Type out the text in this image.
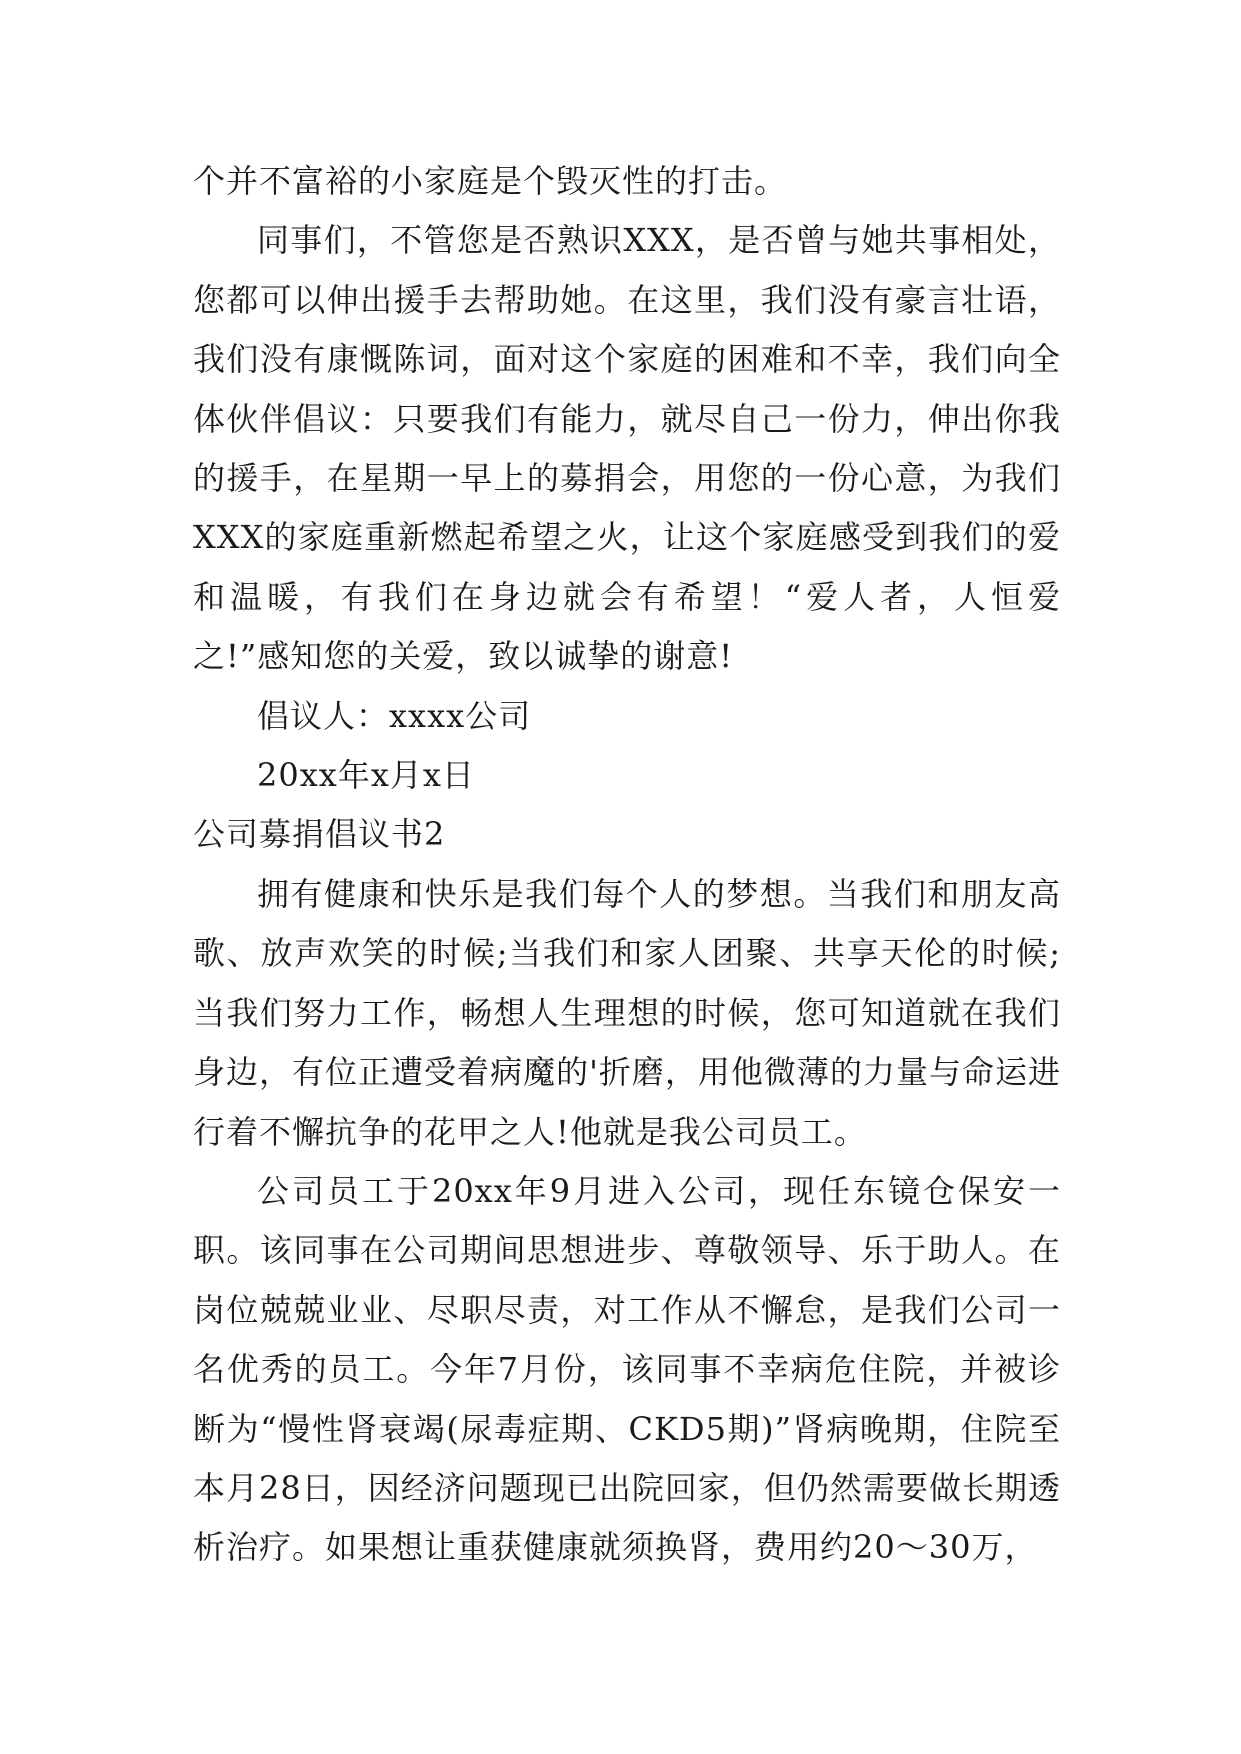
个并不富裕的小家庭是个毁灭性的打击。

同事们，不管您是否熟识XXX，是否曾与她共事相处，您都可以伸出援手去帮助她。在这里，我们没有豪言壮语，我们没有康慨陈词，面对这个家庭的困难和不幸，我们向全体伙伴倡议：只要我们有能力，就尽自己一份力，伸出你我的援手，在星期一早上的募捐会，用您的一份心意，为我们XXX的家庭重新燃起希望之火，让这个家庭感受到我们的爱和温暖，有我们在身边就会有希望！“爱人者，人恒爱之!”感知您的关爱，致以诚挚的谢意!

倡议人：xxxx公司

20xx年x月x日

公司募捐倡议书2

拥有健康和快乐是我们每个人的梦想。当我们和朋友高歌、放声欢笑的时候;当我们和家人团聚、共享天伦的时候;当我们努力工作，畅想人生理想的时候，您可知道就在我们身边，有位正遭受着病魔的'折磨，用他微薄的力量与命运进行着不懈抗争的花甲之人!他就是我公司员工。

公司员工于20xx年9月进入公司，现任东镜仓保安一职。该同事在公司期间思想进步、尊敬领导、乐于助人。在岗位兢兢业业、尽职尽责，对工作从不懈怠，是我们公司一名优秀的员工。今年7月份，该同事不幸病危住院，并被诊断为“慢性肾衰竭(尿毒症期、CKD5期)”肾病晚期，住院至本月28日，因经济问题现已出院回家，但仍然需要做长期透析治疗。如果想让重获健康就须换肾，费用约20～30万，
